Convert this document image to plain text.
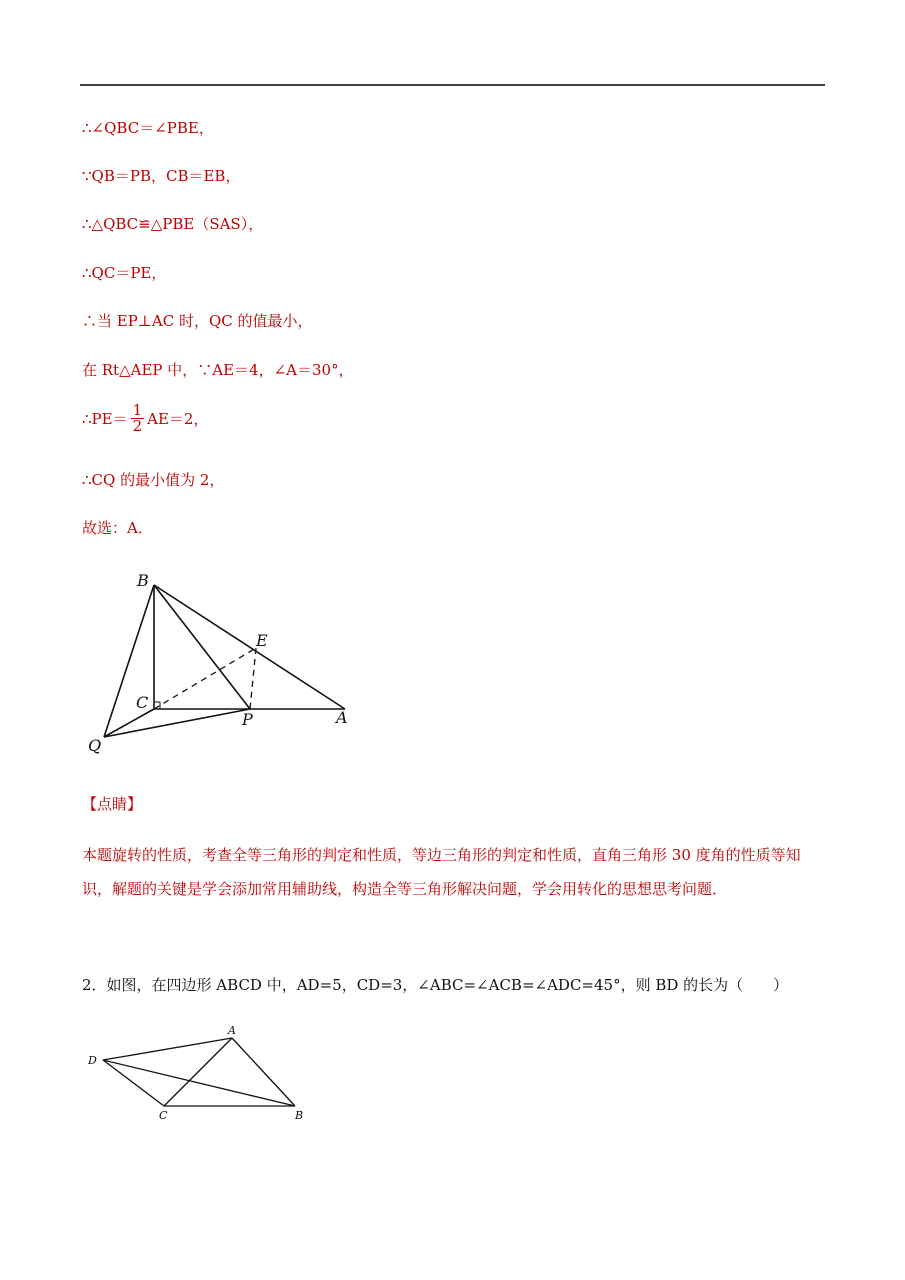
∴∠QBC＝∠PBE，
∵QB＝PB，CB＝EB，
∴△QBC≌△PBE（SAS），
∴QC＝PE，
∴当 EP⊥AC 时，QC 的值最小，
在 Rt△AEP 中，∵AE＝4，∠A＝30°，
∴PE＝ $\frac{1}{2} AE=2$，
∴CQ 的最小值为 2，
故选：A．
B
E
C
P	A
Q
【点睛】
本题旋转的性质，考查全等三角形的判定和性质，等边三角形的判定和性质，直角三角形 30 度角的性质等知识，解题的关键是学会添加常用辅助线，构造全等三角形解决问题，学会用转化的思想思考问题．
2．如图，在四边形 ABCD 中，AD=5，CD=3，∠ABC=∠ACB=∠ADC=45°，则 BD 的长为（　　）
A
D
C	B
